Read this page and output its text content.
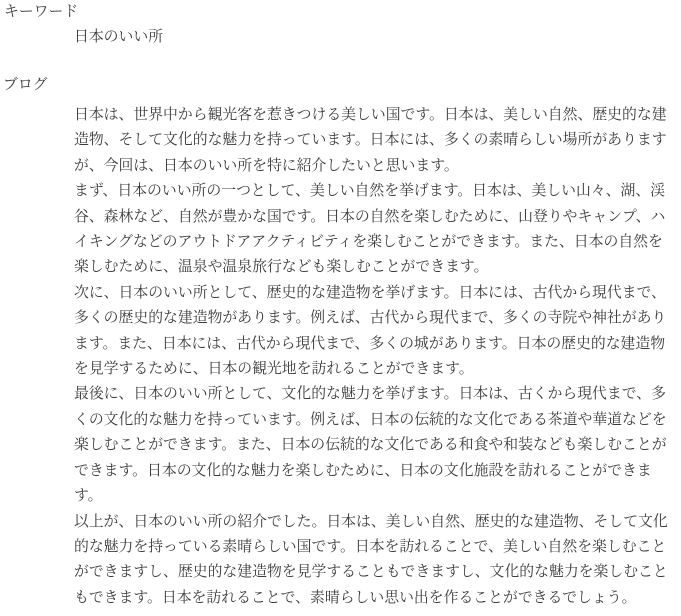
キーワード
日本のいい所
ブログ

日本は、世界中から観光客を惹きつける美しい国です。日本は、美しい自然、歴史的な建造物、そして文化的な魅力を持っています。日本には、多くの素晴らしい場所がありますが、今回は、日本のいい所を特に紹介したいと思います。

まず、日本のいい所の一つとして、美しい自然を挙げます。日本は、美しい山々、湖、渓谷、森林など、自然が豊かな国です。日本の自然を楽しむために、山登りやキャンプ、ハイキングなどのアウトドアアクティビティを楽しむことができます。また、日本の自然を楽しむために、温泉や温泉旅行なども楽しむことができます。

次に、日本のいい所として、歴史的な建造物を挙げます。日本には、古代から現代まで、多くの歴史的な建造物があります。例えば、古代から現代まで、多くの寺院や神社があります。また、日本には、古代から現代まで、多くの城があります。日本の歴史的な建造物を見学するために、日本の観光地を訪れることができます。

最後に、日本のいい所として、文化的な魅力を挙げます。日本は、古くから現代まで、多くの文化的な魅力を持っています。例えば、日本の伝統的な文化である茶道や華道などを楽しむことができます。また、日本の伝統的な文化である和食や和装なども楽しむことができます。日本の文化的な魅力を楽しむために、日本の文化施設を訪れることができます。

以上が、日本のいい所の紹介でした。日本は、美しい自然、歴史的な建造物、そして文化的な魅力を持っている素晴らしい国です。日本を訪れることで、美しい自然を楽しむことができますし、歴史的な建造物を見学することもできますし、文化的な魅力を楽しむこともできます。日本を訪れることで、素晴らしい思い出を作ることができるでしょう。
